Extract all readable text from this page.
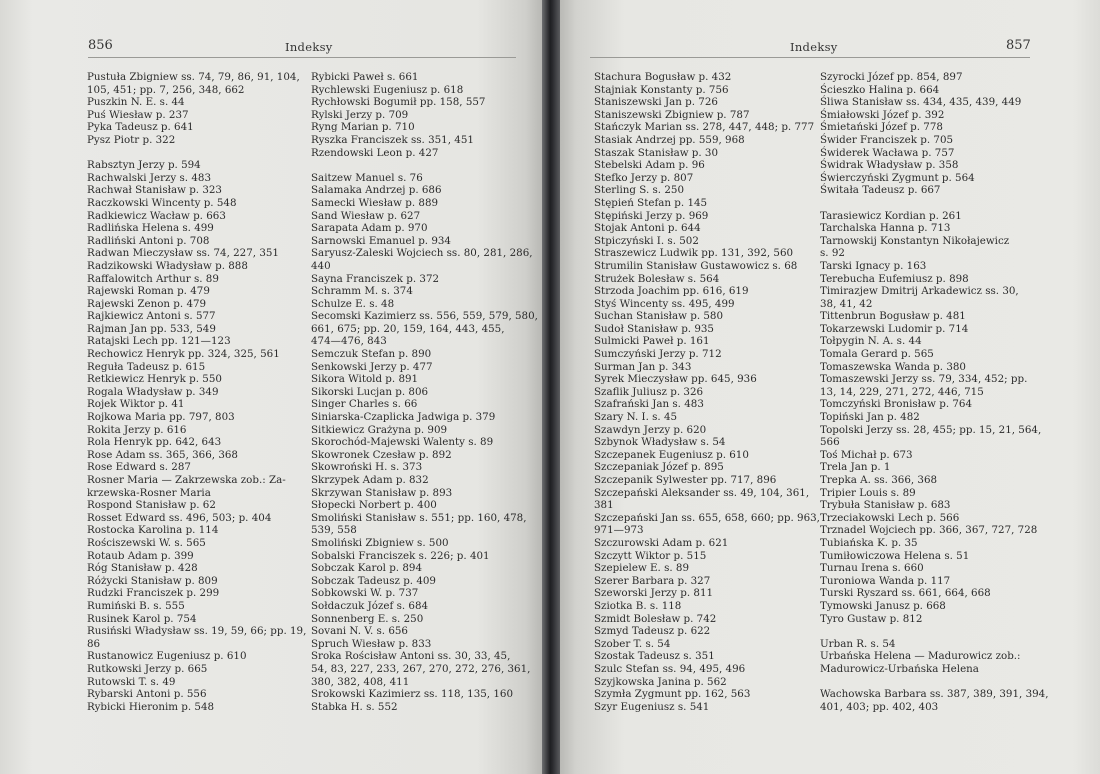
856	Indeksy
Pustuła Zbigniew ss. 74, 79, 86, 91, 104,
105, 451; pp. 7, 256, 348, 662
Puszkin N. E. s. 44
Puś Wiesław p. 237
Pyka Tadeusz p. 641
Pysz Piotr p. 322
Rabsztyn Jerzy p. 594
Rachwalski Jerzy s. 483
Rachwał Stanisław p. 323
Raczkowski Wincenty p. 548
Radkiewicz Wacław p. 663
Radlińska Helena s. 499
Radliński Antoni p. 708
Radwan Mieczysław ss. 74, 227, 351
Radzikowski Władysław p. 888
Raffalowitch Arthur s. 89
Rajewski Roman p. 479
Rajewski Zenon p. 479
Rajkiewicz Antoni s. 577
Rajman Jan pp. 533, 549
Ratajski Lech pp. 121—123
Rechowicz Henryk pp. 324, 325, 561
Reguła Tadeusz p. 615
Retkiewicz Henryk p. 550
Rogala Władysław p. 349
Rojek Wiktor p. 41
Rojkowa Maria pp. 797, 803
Rokita Jerzy p. 616
Rola Henryk pp. 642, 643
Rose Adam ss. 365, 366, 368
Rose Edward s. 287
Rosner Maria — Zakrzewska zob.: Za-
krzewska-Rosner Maria
Rospond Stanisław p. 62
Rosset Edward ss. 496, 503; p. 404
Rostocka Karolina p. 114
Rościszewski W. s. 565
Rotaub Adam p. 399
Róg Stanisław p. 428
Różycki Stanisław p. 809
Rudzki Franciszek p. 299
Rumiński B. s. 555
Rusinek Karol p. 754
Rusiński Władysław ss. 19, 59, 66; pp. 19,
86
Rustanowicz Eugeniusz p. 610
Rutkowski Jerzy p. 665
Rutowski T. s. 49
Rybarski Antoni p. 556
Rybicki Hieronim p. 548
Rybicki Paweł s. 661
Rychlewski Eugeniusz p. 618
Rychłowski Bogumił pp. 158, 557
Rylski Jerzy p. 709
Ryng Marian p. 710
Ryszka Franciszek ss. 351, 451
Rzendowski Leon p. 427
Saitzew Manuel s. 76
Salamaka Andrzej p. 686
Samecki Wiesław p. 889
Sand Wiesław p. 627
Sarapata Adam p. 970
Sarnowski Emanuel p. 934
Saryusz-Zaleski Wojciech ss. 80, 281, 286,
440
Sayna Franciszek p. 372
Schramm M. s. 374
Schulze E. s. 48
Secomski Kazimierz ss. 556, 559, 579, 580,
661, 675; pp. 20, 159, 164, 443, 455,
474—476, 843
Semczuk Stefan p. 890
Senkowski Jerzy p. 477
Sikora Witold p. 891
Sikorski Lucjan p. 806
Singer Charles s. 66
Siniarska-Czaplicka Jadwiga p. 379
Sitkiewicz Grażyna p. 909
Skorochód-Majewski Walenty s. 89
Skowronek Czesław p. 892
Skowroński H. s. 373
Skrzypek Adam p. 832
Skrzywan Stanisław p. 893
Słopecki Norbert p. 400
Smoliński Stanisław s. 551; pp. 160, 478,
539, 558
Smoliński Zbigniew s. 500
Sobalski Franciszek s. 226; p. 401
Sobczak Karol p. 894
Sobczak Tadeusz p. 409
Sobkowski W. p. 737
Sołdaczuk Józef s. 684
Sonnenberg E. s. 250
Sovani N. V. s. 656
Spruch Wiesław p. 833
Sroka Rościsław Antoni ss. 30, 33, 45,
54, 83, 227, 233, 267, 270, 272, 276, 361,
380, 382, 408, 411
Srokowski Kazimierz ss. 118, 135, 160
Stabka H. s. 552
857
Indeksy
Stachura Bogusław p. 432
Stajniak Konstanty p. 756
Staniszewski Jan p. 726
Staniszewski Zbigniew p. 787
Stańczyk Marian ss. 278, 447, 448; p. 777
Stasiak Andrzej pp. 559, 968
Staszak Stanisław p. 30
Stebelski Adam p. 96
Stefko Jerzy p. 807
Sterling S. s. 250
Stępień Stefan p. 145
Stępiński Jerzy p. 969
Stojak Antoni p. 644
Stpiczyński I. s. 502
Straszewicz Ludwik pp. 131, 392, 560
Strumilin Stanisław Gustawowicz s. 68
Strużek Bolesław s. 564
Strzoda Joachim pp. 616, 619
Styś Wincenty ss. 495, 499
Suchan Stanisław p. 580
Sudoł Stanisław p. 935
Sulmicki Paweł p. 161
Sumczyński Jerzy p. 712
Surman Jan p. 343
Syrek Mieczysław pp. 645, 936
Szaflik Juliusz p. 326
Szafrański Jan s. 483
Szary N. I. s. 45
Szawdyn Jerzy p. 620
Szbynok Władysław s. 54
Szczepanek Eugeniusz p. 610
Szczepaniak Józef p. 895
Szczepanik Sylwester pp. 717, 896
Szczepański Aleksander ss. 49, 104, 361,
381
Szczepański Jan ss. 655, 658, 660; pp. 963,
971—973
Szczurowski Adam p. 621
Szczytt Wiktor p. 515
Szepielew E. s. 89
Szerer Barbara p. 327
Szeworski Jerzy p. 811
Sziotka B. s. 118
Szmidt Bolesław p. 742
Szmyd Tadeusz p. 622
Szober T. s. 54
Szostak Tadeusz s. 351
Szulc Stefan ss. 94, 495, 496
Szyjkowska Janina p. 562
Szymła Zygmunt pp. 162, 563
Szyr Eugeniusz s. 541
Szyrocki Józef pp. 854, 897
Ścieszko Halina p. 664
Śliwa Stanisław ss. 434, 435, 439, 449
Śmiałowski Józef p. 392
Śmietański Józef p. 778
Świder Franciszek p. 705
Świderek Wacława p. 757
Świdrak Władysław p. 358
Świerczyński Zygmunt p. 564
Świtała Tadeusz p. 667
Tarasiewicz Kordian p. 261
Tarchalska Hanna p. 713
Tarnowskij Konstantyn Nikołajewicz
s. 92
Tarski Ignacy p. 163
Terebucha Eufemiusz p. 898
Timirazjew Dmitrij Arkadewicz ss. 30,
38, 41, 42
Tittenbrun Bogusław p. 481
Tokarzewski Ludomir p. 714
Tołpygin N. A. s. 44
Tomala Gerard p. 565
Tomaszewska Wanda p. 380
Tomaszewski Jerzy ss. 79, 334, 452; pp.
13, 14, 229, 271, 272, 446, 715
Tomczyński Bronisław p. 764
Topiński Jan p. 482
Topolski Jerzy ss. 28, 455; pp. 15, 21, 564,
566
Toś Michał p. 673
Trela Jan p. 1
Trepka A. ss. 366, 368
Tripier Louis s. 89
Trybuła Stanisław p. 683
Trzeciakowski Lech p. 566
Trznadel Wojciech pp. 366, 367, 727, 728
Tubiańska K. p. 35
Tumiłowiczowa Helena s. 51
Turnau Irena s. 660
Turoniowa Wanda p. 117
Turski Ryszard ss. 661, 664, 668
Tymowski Janusz p. 668
Tyro Gustaw p. 812
Urban R. s. 54
Urbańska Helena — Madurowicz zob.:
Madurowicz-Urbańska Helena
Wachowska Barbara ss. 387, 389, 391, 394,
401, 403; pp. 402, 403
